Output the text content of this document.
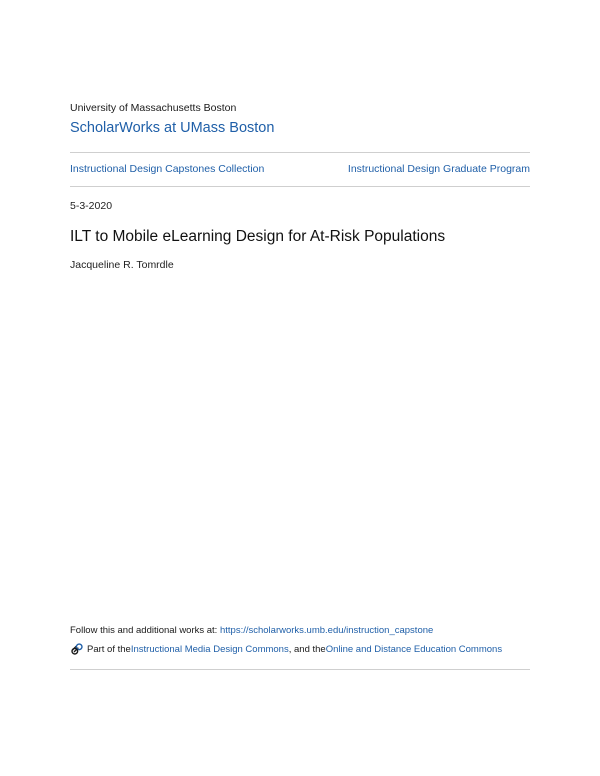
University of Massachusetts Boston
ScholarWorks at UMass Boston
Instructional Design Capstones Collection	Instructional Design Graduate Program
5-3-2020
ILT to Mobile eLearning Design for At-Risk Populations
Jacqueline R. Tomrdle
Follow this and additional works at: https://scholarworks.umb.edu/instruction_capstone
Part of the Instructional Media Design Commons , and the Online and Distance Education Commons
